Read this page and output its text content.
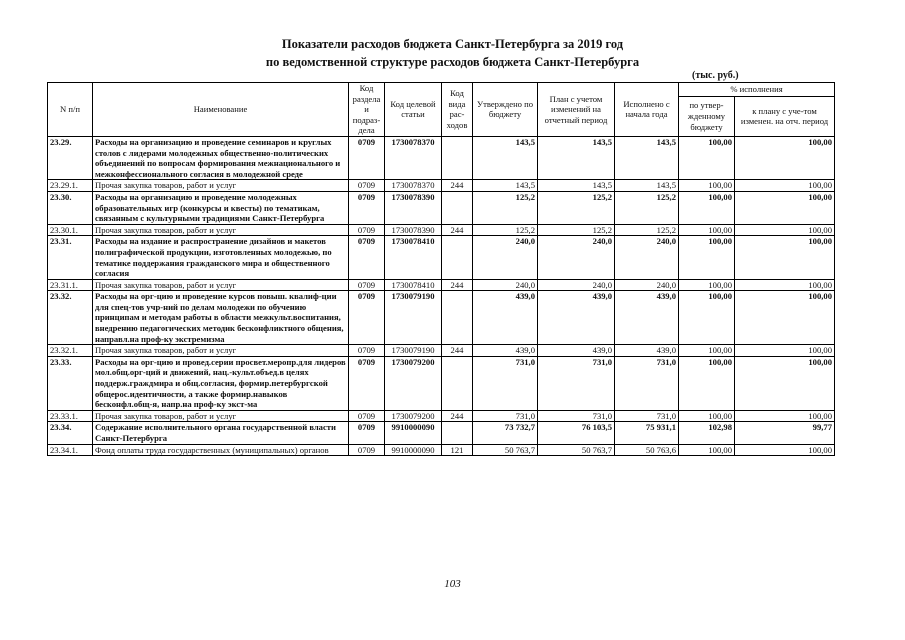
Показатели расходов бюджета Санкт-Петербурга за 2019 год
по ведомственной структуре расходов бюджета Санкт-Петербурга
(тыс. руб.)
N п/п	Наименование	Код раздела и подраз-дела	Код целевой статьи	Код вида рас-ходов	Утверждено по бюджету	План с учетом изменений на отчетный период	Исполнено с начала года	% исполнения	
								по утвер-жденному бюджету	к плану с уче-том изменен. на отч. период
23.29.	Расходы на организацию и проведение семинаров и круглых столов с лидерами молодежных общественно-политических объединений по вопросам формирования межнационального и межконфессионального согласия в молодежной среде	0709	1730078370		143,5	143,5	143,5	100,00	100,00
23.29.1.	Прочая закупка товаров, работ и услуг	0709	1730078370	244	143,5	143,5	143,5	100,00	100,00
23.30.	Расходы на организацию и проведение молодежных образовательных игр (конкурсы и квесты) по тематикам, связанным с культурными традициями Санкт-Петербурга	0709	1730078390		125,2	125,2	125,2	100,00	100,00
23.30.1.	Прочая закупка товаров, работ и услуг	0709	1730078390	244	125,2	125,2	125,2	100,00	100,00
23.31.	Расходы на издание и распространение дизайнов и макетов полиграфической продукции, изготовленных молодежью, по тематике поддержания гражданского мира и общественного согласия	0709	1730078410		240,0	240,0	240,0	100,00	100,00
23.31.1.	Прочая закупка товаров, работ и услуг	0709	1730078410	244	240,0	240,0	240,0	100,00	100,00
23.32.	Расходы на орг-цию и проведение курсов повыш. квалиф-ции для спец-тов учр-ний по делам молодежи по обучению принципам и методам работы в области межкульт.воспитания, внедрению педагогических методик бесконфликтного общения, направл.на проф-ку экстремизма	0709	1730079190		439,0	439,0	439,0	100,00	100,00
23.32.1.	Прочая закупка товаров, работ и услуг	0709	1730079190	244	439,0	439,0	439,0	100,00	100,00
23.33.	Расходы на орг-цию и провед.серии просвет.меропр.для лидеров мол.общ.орг-ций и движений, нац.-культ.объед.в целях поддерж.граждмира и общ.согласия, формир.петербургской общерос.идентичности, а также формир.навыков бесконфл.общ-я, напр.на проф-ку экст-ма	0709	1730079200		731,0	731,0	731,0	100,00	100,00
23.33.1.	Прочая закупка товаров, работ и услуг	0709	1730079200	244	731,0	731,0	731,0	100,00	100,00
23.34.	Содержание исполнительного органа государственной власти Санкт-Петербурга	0709	9910000090		73 732,7	76 103,5	75 931,1	102,98	99,77
23.34.1.	Фонд оплаты труда государственных (муниципальных) органов	0709	9910000090	121	50 763,7	50 763,7	50 763,6	100,00	100,00
103
